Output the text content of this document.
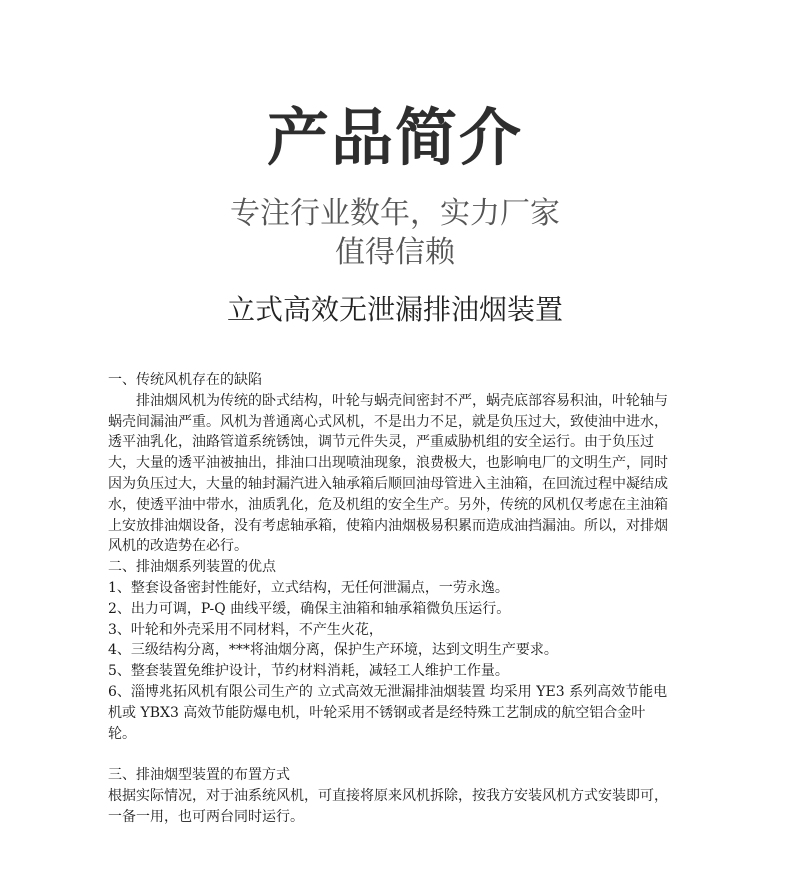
产品简介
专注行业数年，实力厂家
值得信赖
立式高效无泄漏排油烟装置

一、传统风机存在的缺陷

排油烟风机为传统的卧式结构，叶轮与蜗壳间密封不严，蜗壳底部容易积油，叶轮轴与蜗壳间漏油严重。风机为普通离心式风机，不是出力不足，就是负压过大，致使油中进水，透平油乳化，油路管道系统锈蚀，调节元件失灵，严重威胁机组的安全运行。由于负压过大，大量的透平油被抽出，排油口出现喷油现象，浪费极大，也影响电厂的文明生产，同时因为负压过大，大量的轴封漏汽进入轴承箱后顺回油母管进入主油箱，在回流过程中凝结成水，使透平油中带水，油质乳化，危及机组的安全生产。另外，传统的风机仅考虑在主油箱上安放排油烟设备，没有考虑轴承箱，使箱内油烟极易积累而造成油挡漏油。所以，对排烟风机的改造势在必行。

二、排油烟系列装置的优点

1、整套设备密封性能好，立式结构，无任何泄漏点，一劳永逸。

2、出力可调，P-Q 曲线平缓，确保主油箱和轴承箱微负压运行。

3、叶轮和外壳采用不同材料，不产生火花，

4、三级结构分离，***将油烟分离，保护生产环境，达到文明生产要求。

5、整套装置免维护设计，节约材料消耗，减轻工人维护工作量。

6、淄博兆拓风机有限公司生产的 立式高效无泄漏排油烟装置 均采用 YE3 系列高效节能电机或 YBX3 高效节能防爆电机，叶轮采用不锈钢或者是经特殊工艺制成的航空铝合金叶轮。

三、排油烟型装置的布置方式

根据实际情况，对于油系统风机，可直接将原来风机拆除，按我方安装风机方式安装即可，一备一用，也可两台同时运行。
